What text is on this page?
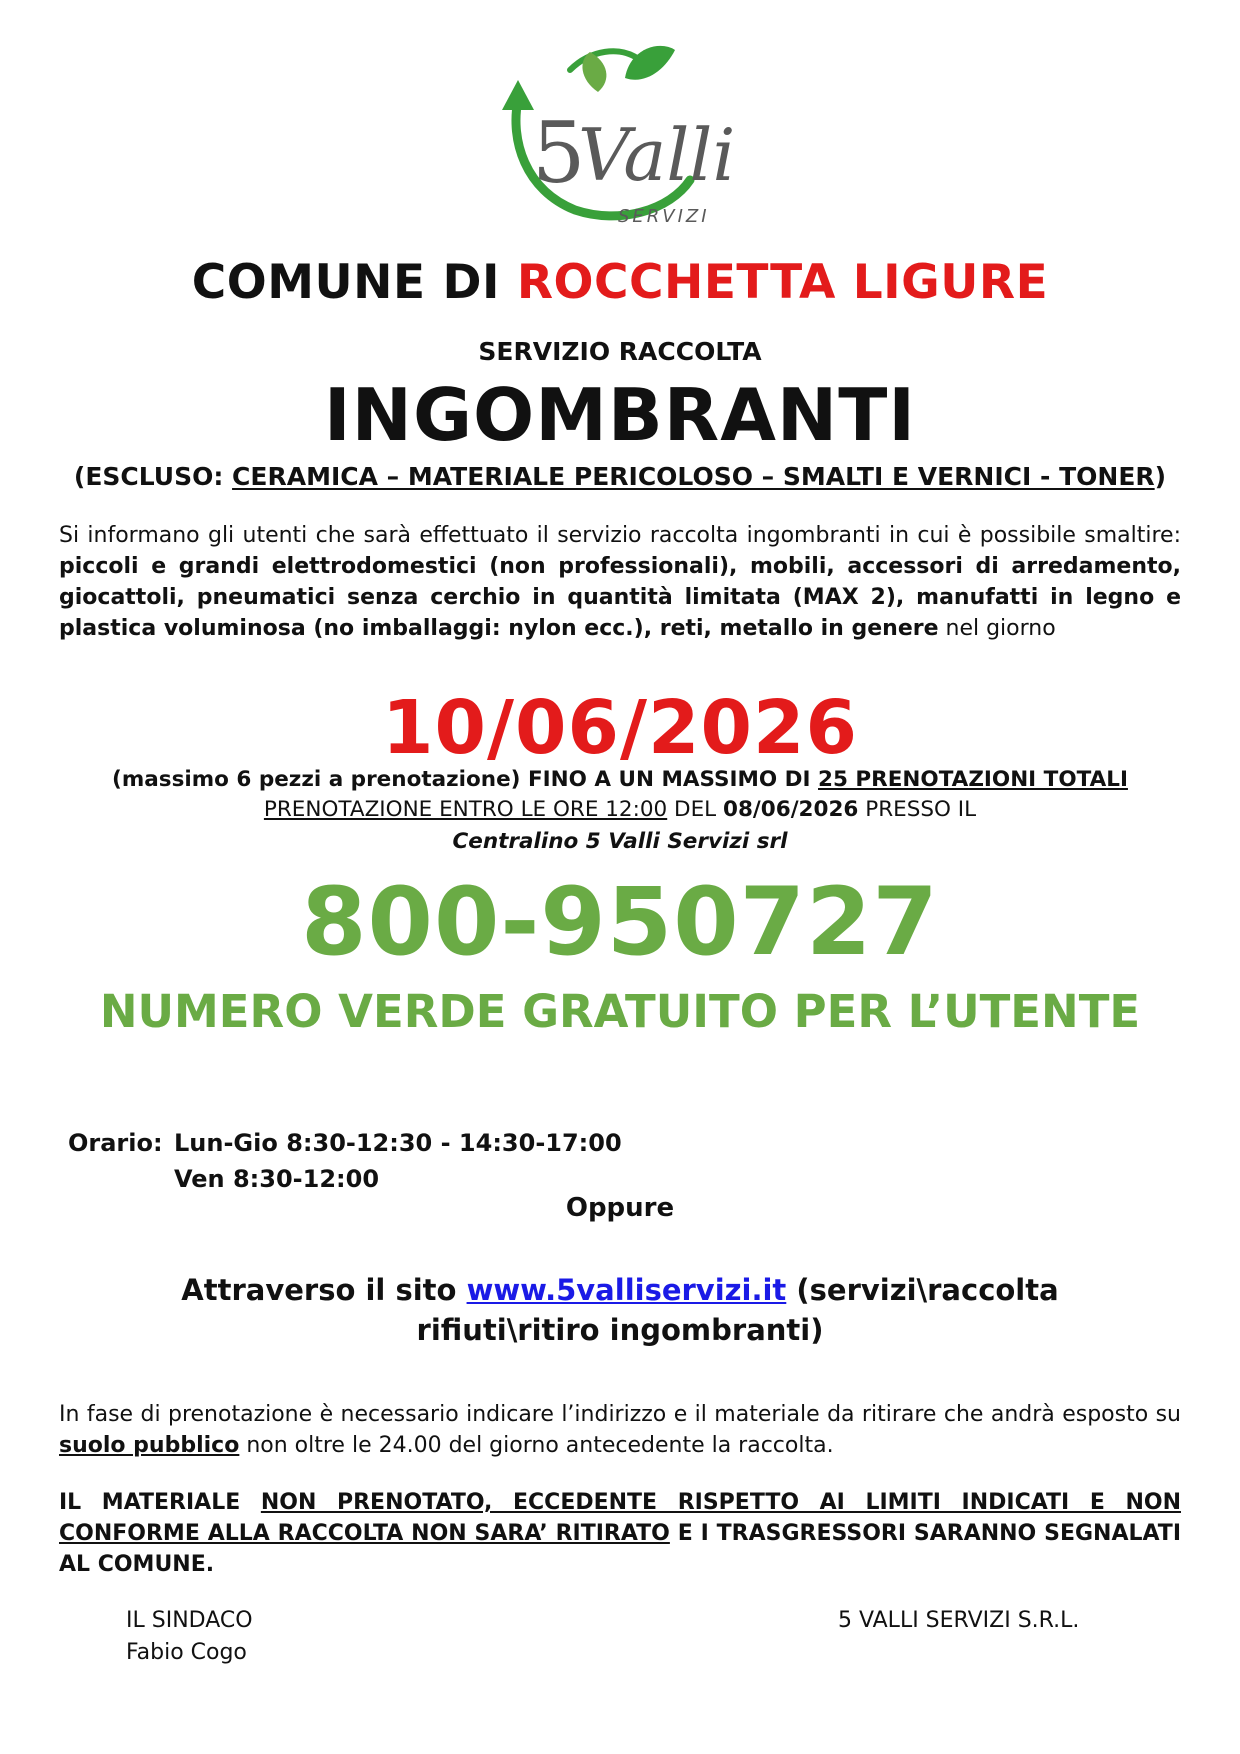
5
Valli
SERVIZI
COMUNE DI ROCCHETTA LIGURE
SERVIZIO RACCOLTA
INGOMBRANTI
(ESCLUSO: CERAMICA – MATERIALE PERICOLOSO – SMALTI E VERNICI - TONER)
Si informano gli utenti che sarà effettuato il servizio raccolta ingombranti in cui è possibile smaltire: piccoli e grandi elettrodomestici (non professionali), mobili, accessori di arredamento, giocattoli, pneumatici senza cerchio in quantità limitata (MAX 2), manufatti in legno e plastica voluminosa (no imballaggi: nylon ecc.), reti, metallo in genere nel giorno
10/06/2026
(massimo 6 pezzi a prenotazione) FINO A UN MASSIMO DI 25 PRENOTAZIONI TOTALI
PRENOTAZIONE ENTRO LE ORE 12:00 DEL 08/06/2026 PRESSO IL
Centralino 5 Valli Servizi srl
800-950727
NUMERO VERDE GRATUITO PER L’UTENTE
Orario: Lun-Gio 8:30-12:30 - 14:30-17:00
Ven 8:30-12:00
Oppure
Attraverso il sito www.5valliservizi.it (servizi\raccolta rifiuti\ritiro ingombranti)
In fase di prenotazione è necessario indicare l’indirizzo e il materiale da ritirare che andrà esposto su suolo pubblico non oltre le 24.00 del giorno antecedente la raccolta.
IL MATERIALE NON PRENOTATO, ECCEDENTE RISPETTO AI LIMITI INDICATI E NON CONFORME ALLA RACCOLTA NON SARA’ RITIRATO E I TRASGRESSORI SARANNO SEGNALATI AL COMUNE.
IL SINDACO
Fabio Cogo
5 VALLI SERVIZI S.R.L.
